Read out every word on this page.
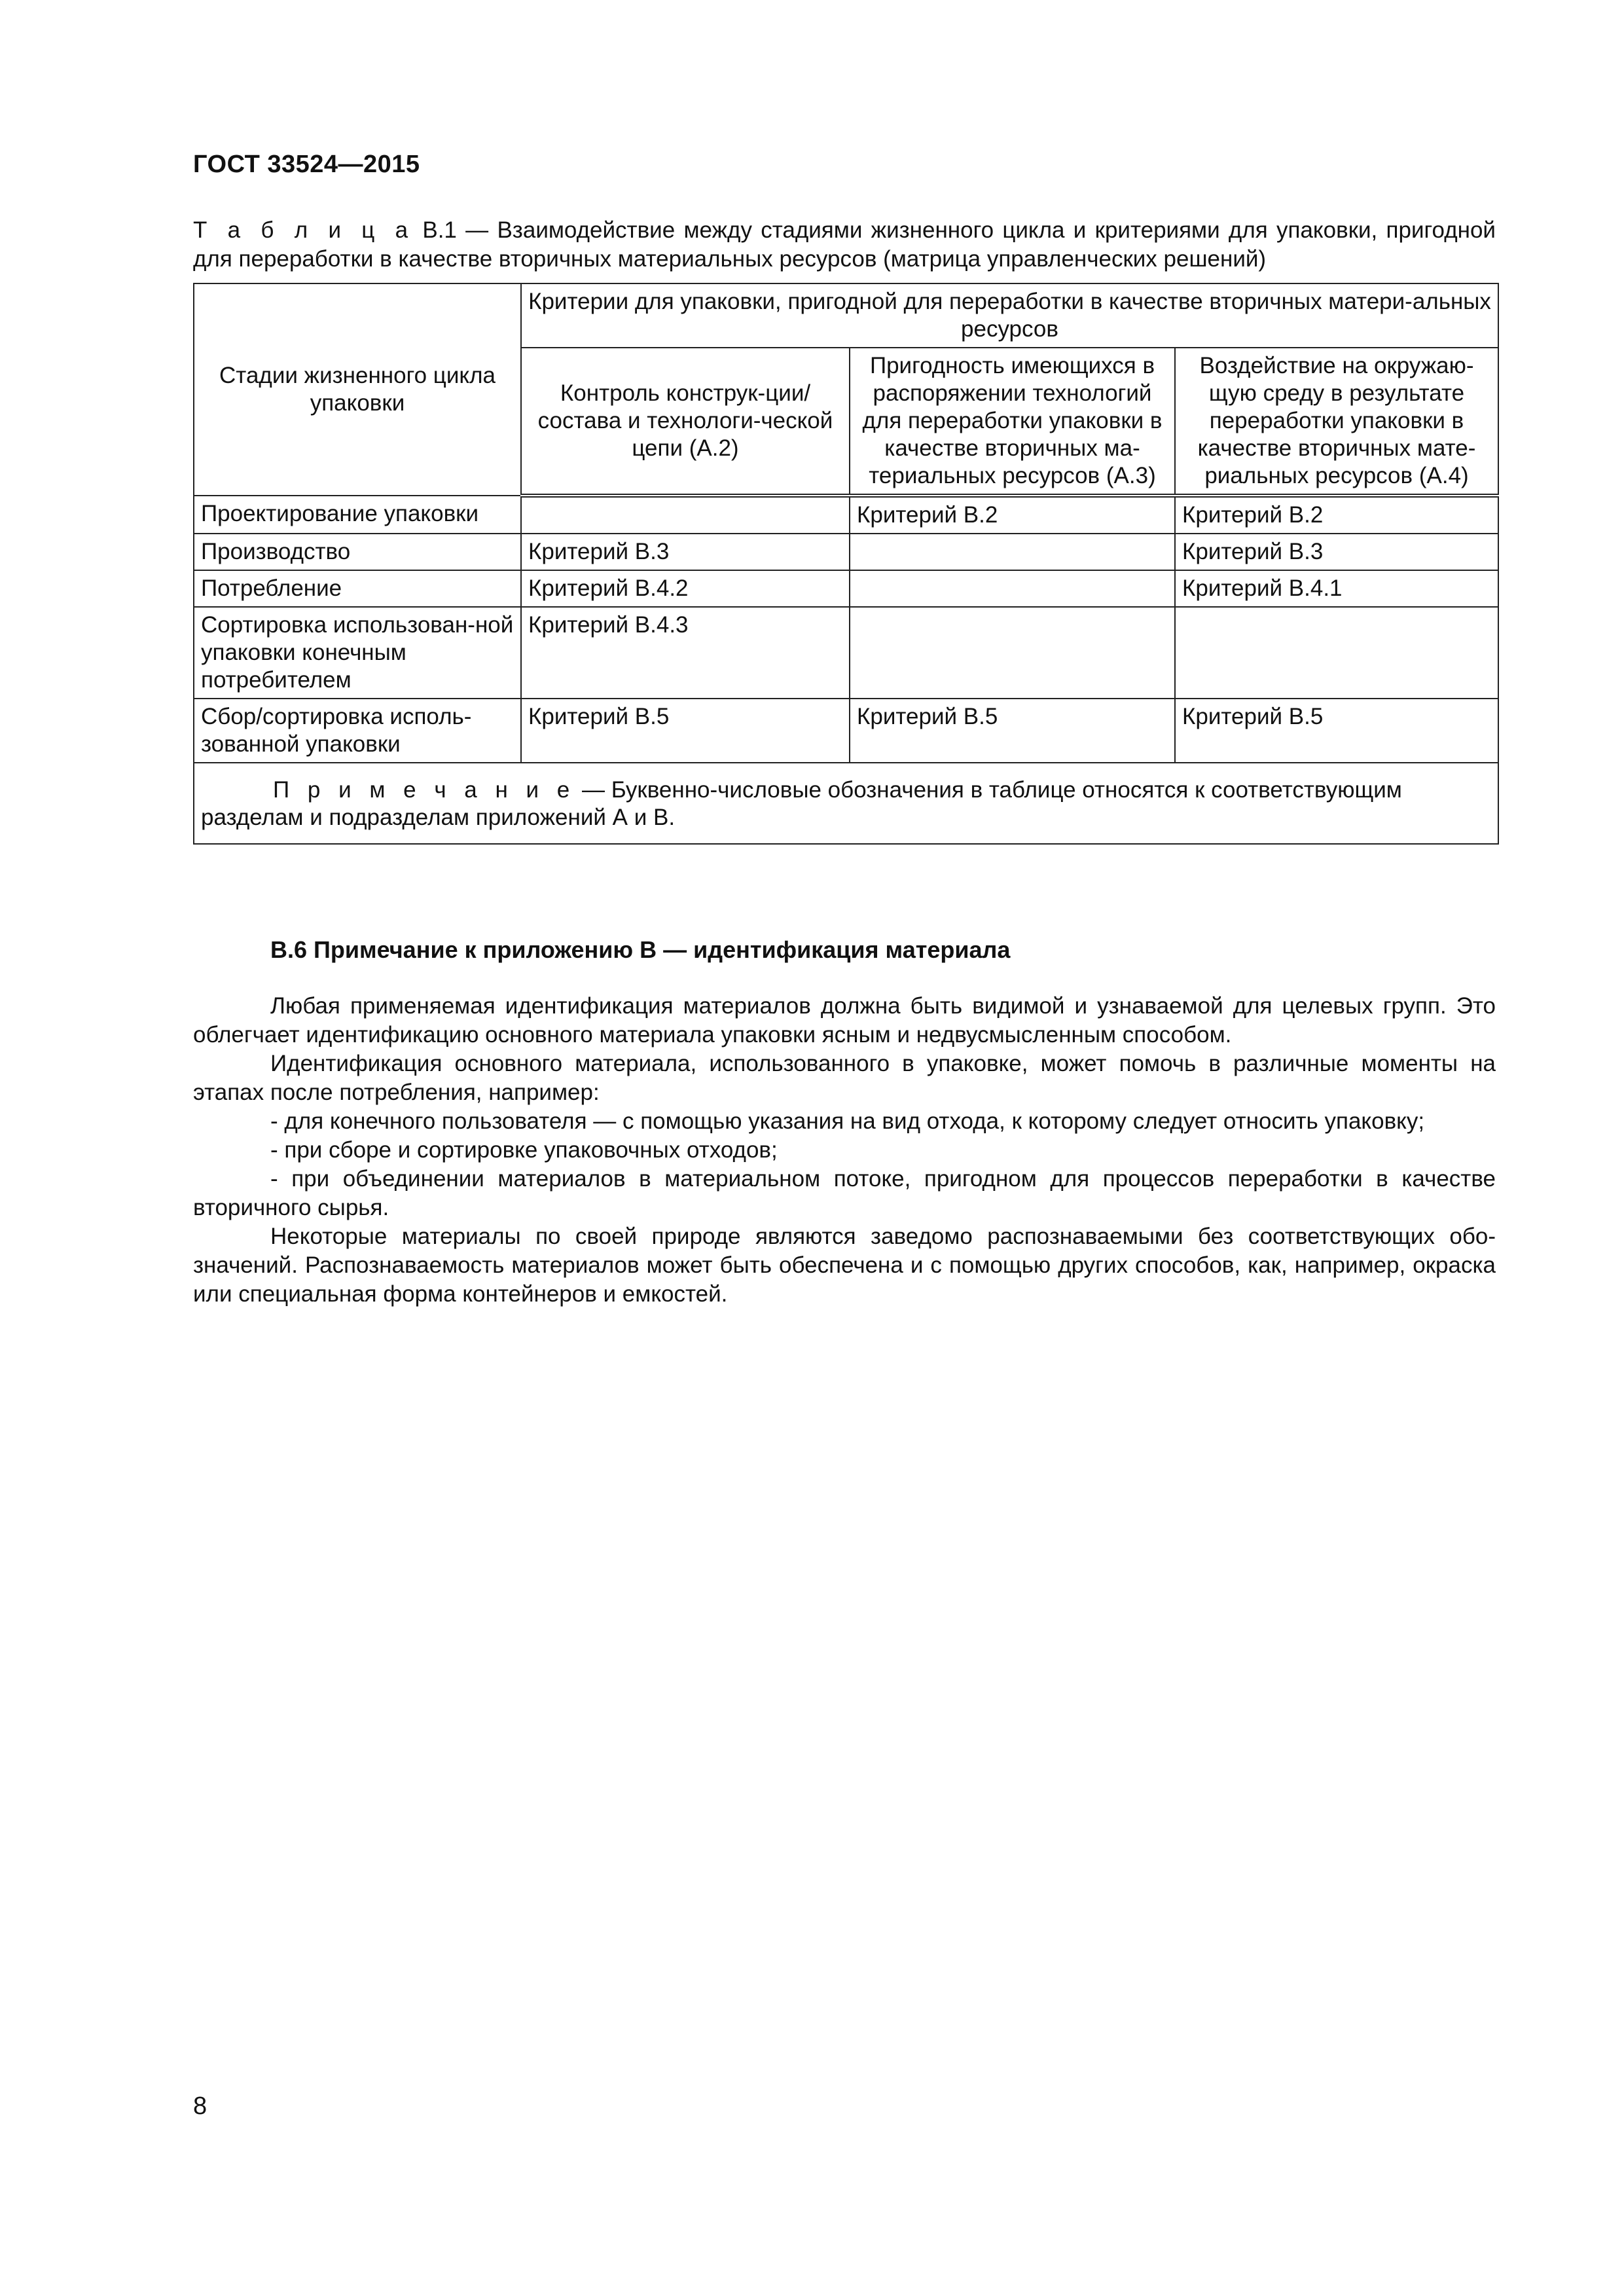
ГОСТ 33524—2015
Т а б л и ц а В.1 — Взаимодействие между стадиями жизненного цикла и критериями для упаковки, пригодной для переработки в качестве вторичных материальных ресурсов (матрица управленческих решений)
Стадии жизненного цикла упаковки	Критерии для упаковки, пригодной для переработки в качестве вторичных матери-альных ресурсов		
	Контроль конструк-ции/состава и технологи-ческой цепи (А.2)	Пригодность имеющихся в распоряжении технологий для переработки упаковки в качестве вторичных ма-териальных ресурсов (А.3)	Воздействие на окружаю-щую среду в результате переработки упаковки в качестве вторичных мате-риальных ресурсов (А.4)
Проектирование упаковки		Критерий В.2	Критерий В.2
Производство	Критерий В.3		Критерий В.3
Потребление	Критерий В.4.2		Критерий В.4.1
Сортировка использован-ной упаковки конечным потребителем	Критерий В.4.3		
Сбор/сортировка исполь-зованной упаковки	Критерий В.5	Критерий В.5	Критерий В.5

П р и м е ч а н и е — Буквенно-числовые обозначения в таблице относятся к соответствующим разделам и подразделам приложений А и В.			
В.6 Примечание к приложению В — идентификация материала

Любая применяемая идентификация материалов должна быть видимой и узнаваемой для целевых групп. Это облегчает идентификацию основного материала упаковки ясным и недвусмысленным способом.

Идентификация основного материала, использованного в упаковке, может помочь в различные моменты на этапах после потребления, например:

- для конечного пользователя — с помощью указания на вид отхода, к которому следует относить упаковку;

- при сборе и сортировке упаковочных отходов;

- при объединении материалов в материальном потоке, пригодном для процессов переработки в качестве вторичного сырья.

Некоторые материалы по своей природе являются заведомо распознаваемыми без соответствующих обо-значений. Распознаваемость материалов может быть обеспечена и с помощью других способов, как, например, окраска или специальная форма контейнеров и емкостей.

8
